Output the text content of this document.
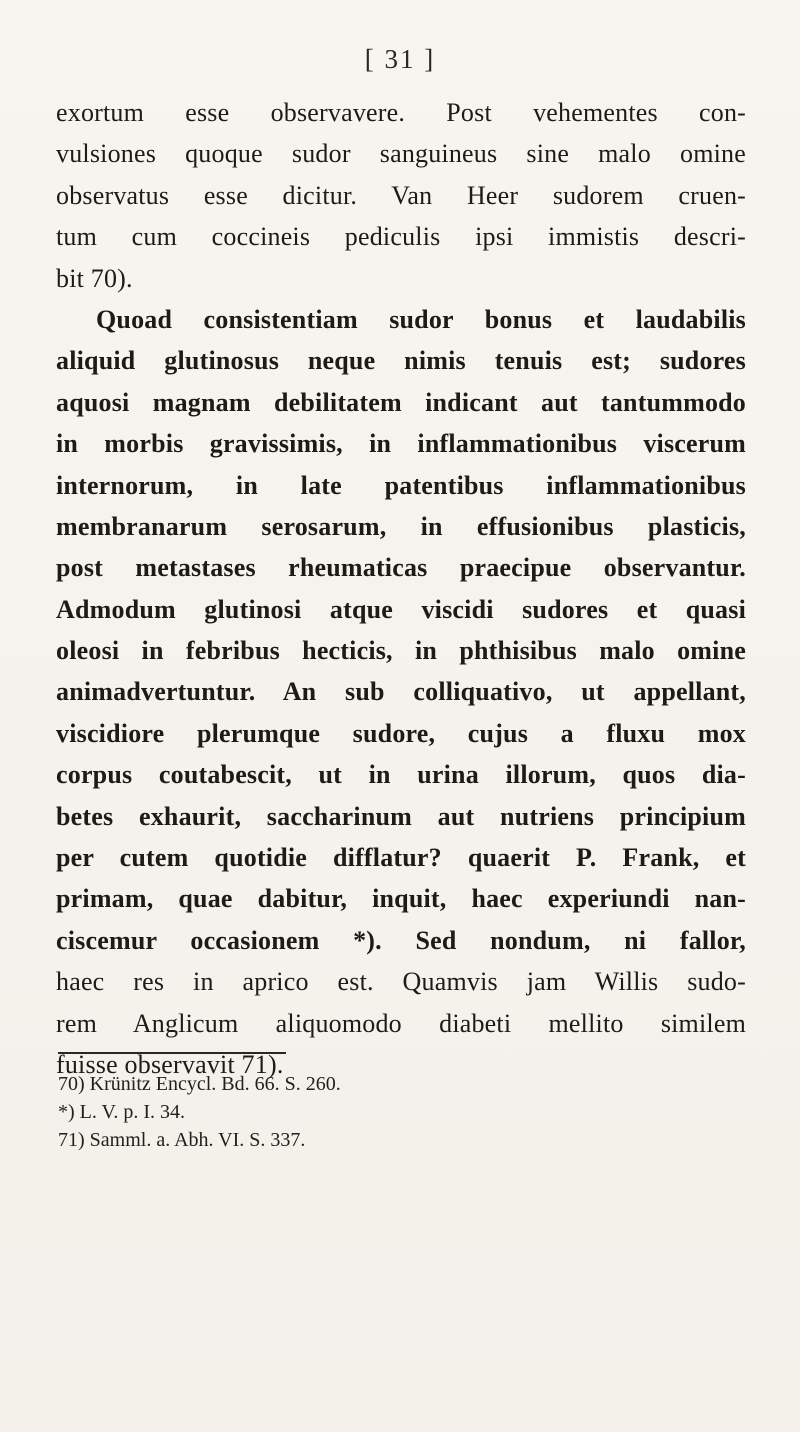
[ 31 ]
exortum esse observavere. Post vehementes con-
vulsiones quoque sudor sanguineus sine malo omine
observatus esse dicitur. Van Heer sudorem cruen-
tum cum coccineis pediculis ipsi immistis descri-
bit 70).
Quoad consistentiam sudor bonus et laudabilis
aliquid glutinosus neque nimis tenuis est; sudores
aquosi magnam debilitatem indicant aut tantummodo
in morbis gravissimis, in inflammationibus viscerum
internorum, in late patentibus inflammationibus
membranarum serosarum, in effusionibus plasticis,
post metastases rheumaticas praecipue observantur.
Admodum glutinosi atque viscidi sudores et quasi
oleosi in febribus hecticis, in phthisibus malo omine
animadvertuntur. An sub colliquativo, ut appellant,
viscidiore plerumque sudore, cujus a fluxu mox
corpus coutabescit, ut in urina illorum, quos dia-
betes exhaurit, saccharinum aut nutriens principium
per cutem quotidie difflatur? quaerit P. Frank, et
primam, quae dabitur, inquit, haec experiundi nan-
ciscemur occasionem *). Sed nondum, ni fallor,
haec res in aprico est. Quamvis jam Willis sudo-
rem Anglicum aliquomodo diabeti mellito similem
fuisse observavit 71).
70) Krünitz Encycl. Bd. 66. S. 260.
*) L. V. p. I. 34.
71) Samml. a. Abh. VI. S. 337.
